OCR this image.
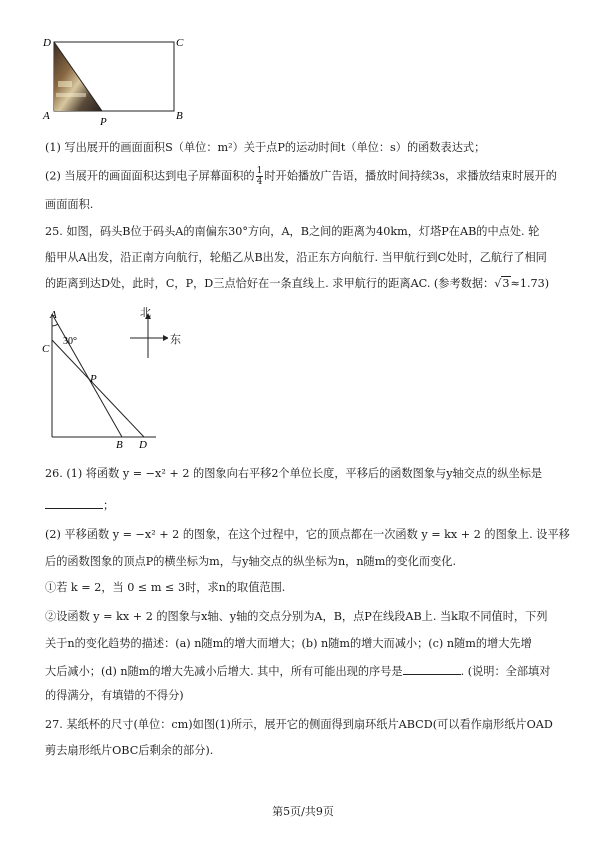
D	C
A	B
P
(1) 写出展开的画面面积S（单位：m²）关于点P的运动时间t（单位：s）的函数表达式；
(2) 当展开的画面面积达到电子屏幕面积的 $\frac{1}{4}$ 时开始播放广告语，播放时间持续3s，求播放结束时展开的
画面面积.
25. 如图，码头B位于码头A的南偏东30°方向，A，B之间的距离为40km，灯塔P在AB的中点处. 轮
船甲从A出发，沿正南方向航行，轮船乙从B出发，沿正东方向航行. 当甲航行到C处时，乙航行了相同
的距离到达D处，此时，C，P，D三点恰好在一条直线上. 求甲航行的距离AC. (参考数据：√3≈1.73)
A
C
P
B D
30°
北
东
26. (1) 将函数 y = −x² + 2 的图象向右平移2个单位长度，平移后的函数图象与y轴交点的纵坐标是
；
(2) 平移函数 y = −x² + 2 的图象，在这个过程中，它的顶点都在一次函数 y = kx + 2 的图象上. 设平移
后的函数图象的顶点P的横坐标为m，与y轴交点的纵坐标为n，n随m的变化而变化.
①若 k = 2，当 0 ≤ m ≤ 3时，求n的取值范围.
②设函数 y = kx + 2 的图象与x轴、y轴的交点分别为A，B，点P在线段AB上. 当k取不同值时，下列
关于n的变化趋势的描述：(a) n随m的增大而增大；(b) n随m的增大而减小；(c) n随m的增大先增
大后减小；(d) n随m的增大先减小后增大. 其中，所有可能出现的序号是	. (说明：全部填对
的得满分，有填错的不得分)
27. 某纸杯的尺寸(单位：cm)如图(1)所示，展开它的侧面得到扇环纸片ABCD(可以看作扇形纸片OAD
剪去扇形纸片OBC后剩余的部分).
第5页/共9页
